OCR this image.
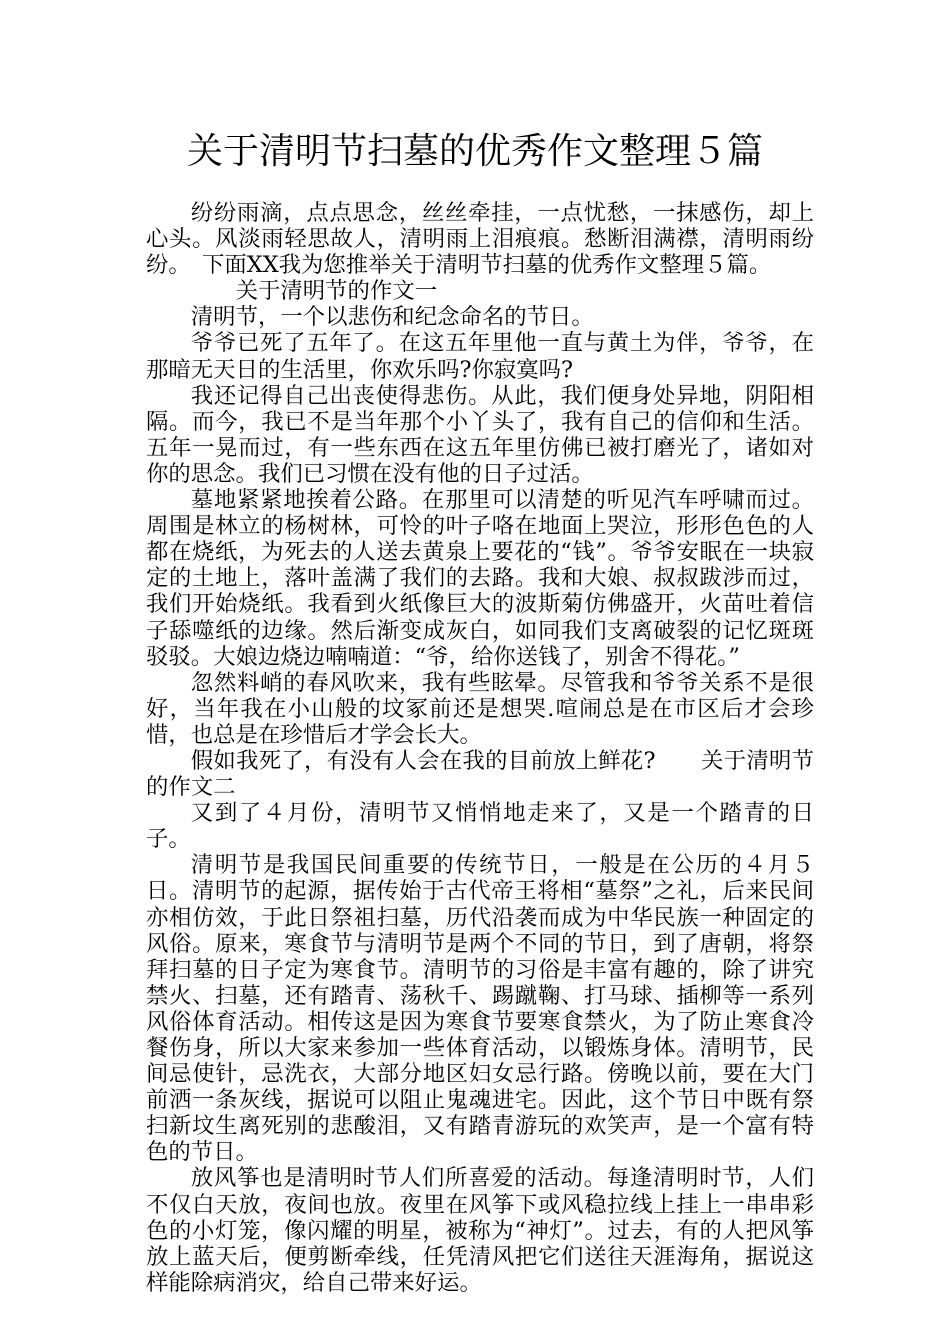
关于清明节扫墓的优秀作文整理５篇

纷纷雨滴，点点思念，丝丝牵挂，一点忧愁，一抹感伤，却上心头。风淡雨轻思故人，清明雨上泪痕痕。愁断泪满襟，清明雨纷纷。　下面XX我为您推举关于清明节扫墓的优秀作文整理５篇。

关于清明节的作文一

清明节，一个以悲伤和纪念命名的节日。

爷爷已死了五年了。在这五年里他一直与黄土为伴，爷爷，在那暗无天日的生活里，你欢乐吗?你寂寞吗?

我还记得自己出丧使得悲伤。从此，我们便身处异地，阴阳相隔。而今，我已不是当年那个小丫头了，我有自己的信仰和生活。五年一晃而过，有一些东西在这五年里仿佛已被打磨光了，诸如对你的思念。我们已习惯在没有他的日子过活。

墓地紧紧地挨着公路。在那里可以清楚的听见汽车呼啸而过。周围是林立的杨树林，可怜的叶子咯在地面上哭泣，形形色色的人都在烧纸，为死去的人送去黄泉上要花的“钱”。爷爷安眠在一块寂定的土地上，落叶盖满了我们的去路。我和大娘、叔叔跋涉而过，我们开始烧纸。我看到火纸像巨大的波斯菊仿佛盛开，火苗吐着信子舔噬纸的边缘。然后渐变成灰白，如同我们支离破裂的记忆斑斑驳驳。大娘边烧边喃喃道：“爷，给你送钱了，别舍不得花。”

忽然料峭的春风吹来，我有些眩晕。尽管我和爷爷关系不是很好，当年我在小山般的坟冢前还是想哭.喧闹总是在市区后才会珍惜，也总是在珍惜后才学会长大。

假如我死了，有没有人会在我的目前放上鲜花?　　关于清明节的作文二

又到了４月份，清明节又悄悄地走来了，又是一个踏青的日子。

清明节是我国民间重要的传统节日，一般是在公历的４月５日。清明节的起源，据传始于古代帝王将相“墓祭”之礼，后来民间亦相仿效，于此日祭祖扫墓，历代沿袭而成为中华民族一种固定的风俗。原来，寒食节与清明节是两个不同的节日，到了唐朝，将祭拜扫墓的日子定为寒食节。清明节的习俗是丰富有趣的，除了讲究禁火、扫墓，还有踏青、荡秋千、踢蹴鞠、打马球、插柳等一系列风俗体育活动。相传这是因为寒食节要寒食禁火，为了防止寒食冷餐伤身，所以大家来参加一些体育活动，以锻炼身体。清明节，民间忌使针，忌洗衣，大部分地区妇女忌行路。傍晚以前，要在大门前洒一条灰线，据说可以阻止鬼魂进宅。因此，这个节日中既有祭扫新坟生离死别的悲酸泪，又有踏青游玩的欢笑声，是一个富有特色的节日。

放风筝也是清明时节人们所喜爱的活动。每逢清明时节，人们不仅白天放，夜间也放。夜里在风筝下或风稳拉线上挂上一串串彩色的小灯笼，像闪耀的明星，被称为“神灯”。过去，有的人把风筝放上蓝天后，便剪断牵线，任凭清风把它们送往天涯海角，据说这样能除病消灾，给自己带来好运。
